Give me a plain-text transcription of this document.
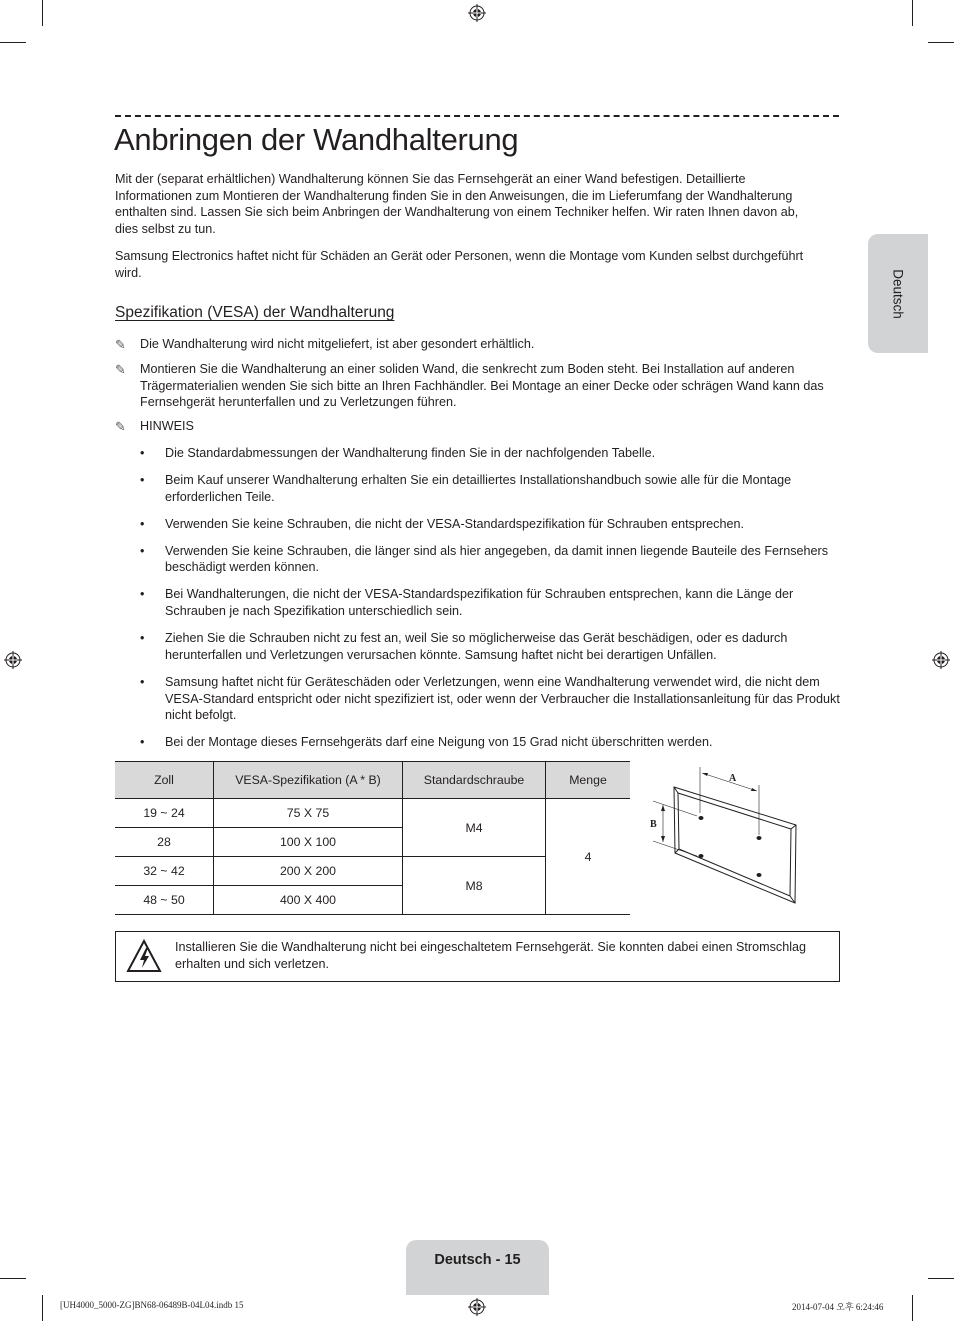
Anbringen der Wandhalterung

Mit der (separat erhältlichen) Wandhalterung können Sie das Fernsehgerät an einer Wand befestigen. Detaillierte Informationen zum Montieren der Wandhalterung finden Sie in den Anweisungen, die im Lieferumfang der Wandhalterung enthalten sind. Lassen Sie sich beim Anbringen der Wandhalterung von einem Techniker helfen. Wir raten Ihnen davon ab, dies selbst zu tun.

Samsung Electronics haftet nicht für Schäden an Gerät oder Personen, wenn die Montage vom Kunden selbst durchgeführt wird.

Spezifikation (VESA) der Wandhalterung
✎ Die Wandhalterung wird nicht mitgeliefert, ist aber gesondert erhältlich.
✎ Montieren Sie die Wandhalterung an einer soliden Wand, die senkrecht zum Boden steht. Bei Installation auf anderen Trägermaterialien wenden Sie sich bitte an Ihren Fachhändler. Bei Montage an einer Decke oder schrägen Wand kann das Fernsehgerät herunterfallen und zu Verletzungen führen.
✎ HINWEIS
• Die Standardabmessungen der Wandhalterung finden Sie in der nachfolgenden Tabelle.
• Beim Kauf unserer Wandhalterung erhalten Sie ein detailliertes Installationshandbuch sowie alle für die Montage erforderlichen Teile.
• Verwenden Sie keine Schrauben, die nicht der VESA-Standardspezifikation für Schrauben entsprechen.
• Verwenden Sie keine Schrauben, die länger sind als hier angegeben, da damit innen liegende Bauteile des Fernsehers beschädigt werden können.
• Bei Wandhalterungen, die nicht der VESA-Standardspezifikation für Schrauben entsprechen, kann die Länge der Schrauben je nach Spezifikation unterschiedlich sein.
• Ziehen Sie die Schrauben nicht zu fest an, weil Sie so möglicherweise das Gerät beschädigen, oder es dadurch herunterfallen und Verletzungen verursachen könnte. Samsung haftet nicht bei derartigen Unfällen.
• Samsung haftet nicht für Geräteschäden oder Verletzungen, wenn eine Wandhalterung verwendet wird, die nicht dem VESA-Standard entspricht oder nicht spezifiziert ist, oder wenn der Verbraucher die Installationsanleitung für das Produkt nicht befolgt.
• Bei der Montage dieses Fernsehgeräts darf eine Neigung von 15 Grad nicht überschritten werden.
Zoll	VESA-Spezifikation (A * B)	Standardschraube	Menge
19 ~ 24	75 X 75	M4	4
28	100 X 100		
32 ~ 42	200 X 200	M8	
48 ~ 50	400 X 400		
A
B
Installieren Sie die Wandhalterung nicht bei eingeschaltetem Fernsehgerät. Sie konnten dabei einen Stromschlag erhalten und sich verletzen.
Deutsch
Deutsch - 15
[UH4000_5000-ZG]BN68-06489B-04L04.indb 15	2014-07-04 오후 6:24:46
